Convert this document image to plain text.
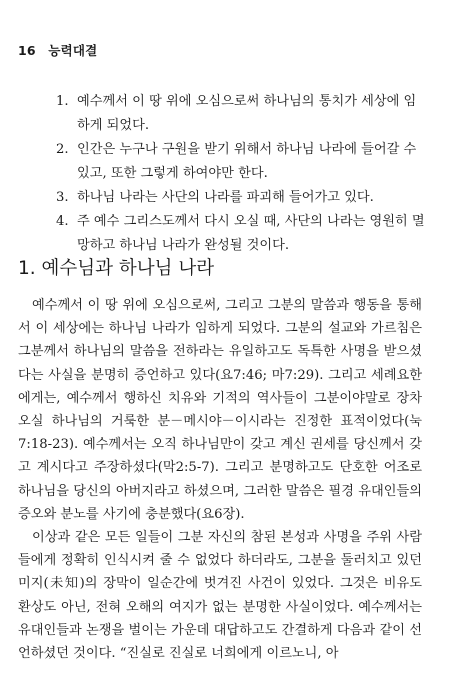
16 능력대결
1. 예수께서 이 땅 위에 오심으로써 하나님의 통치가 세상에 임하게 되었다.
2. 인간은 누구나 구원을 받기 위해서 하나님 나라에 들어갈 수 있고, 또한 그렇게 하여야만 한다.
3. 하나님 나라는 사단의 나라를 파괴해 들어가고 있다.
4. 주 예수 그리스도께서 다시 오실 때, 사단의 나라는 영원히 멸망하고 하나님 나라가 완성될 것이다.
1. 예수님과 하나님 나라

예수께서 이 땅 위에 오심으로써, 그리고 그분의 말씀과 행동을 통해서 이 세상에는 하나님 나라가 임하게 되었다. 그분의 설교와 가르침은 그분께서 하나님의 말씀을 전하라는 유일하고도 독특한 사명을 받으셨다는 사실을 분명히 증언하고 있다(요7:46; 마7:29). 그리고 세례요한에게는, 예수께서 행하신 치유와 기적의 역사들이 그분이야말로 장차 오실 하나님의 거룩한 분－메시야－이시라는 진정한 표적이었다(눅7:18-23). 예수께서는 오직 하나님만이 갖고 계신 권세를 당신께서 갖고 계시다고 주장하셨다(막2:5-7). 그리고 분명하고도 단호한 어조로 하나님을 당신의 아버지라고 하셨으며, 그러한 말씀은 필경 유대인들의 증오와 분노를 사기에 충분했다(요6장).

이상과 같은 모든 일들이 그분 자신의 참된 본성과 사명을 주위 사람들에게 정확히 인식시켜 줄 수 없었다 하더라도, 그분을 둘러치고 있던 미지(未知)의 장막이 일순간에 벗겨진 사건이 있었다. 그것은 비유도 환상도 아닌, 전혀 오해의 여지가 없는 분명한 사실이었다. 예수께서는 유대인들과 논쟁을 벌이는 가운데 대답하고도 간결하게 다음과 같이 선언하셨던 것이다. “진실로 진실로 너희에게 이르노니, 아
